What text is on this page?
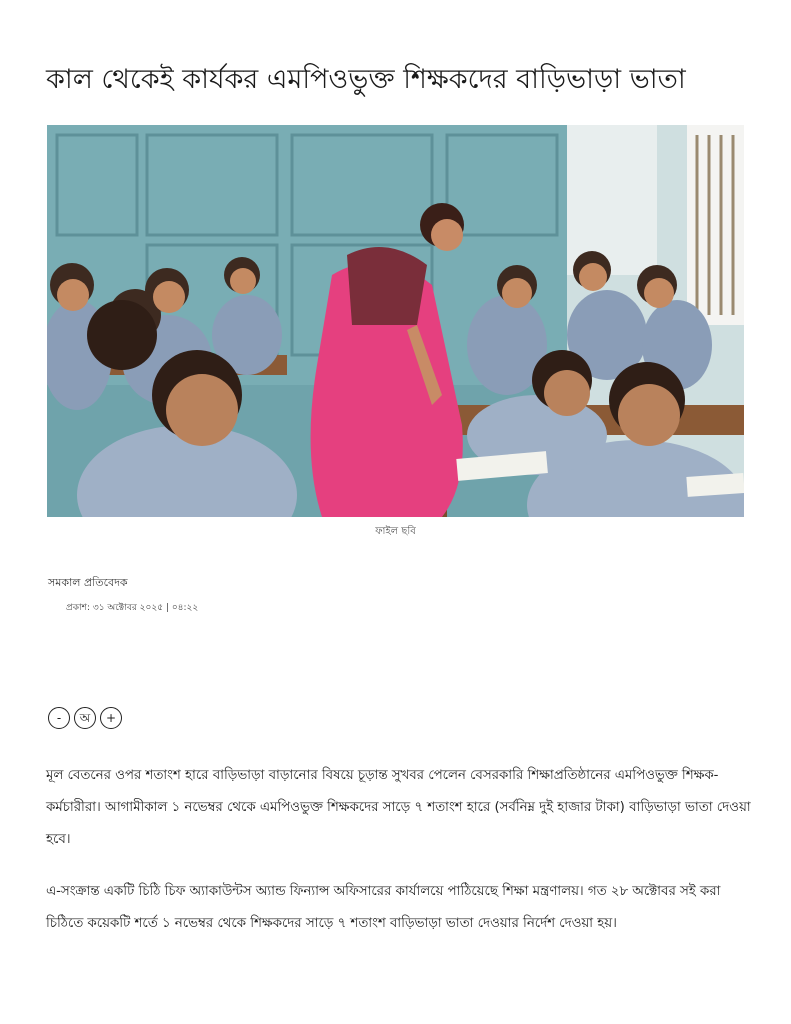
কাল থেকেই কার্যকর এমপিওভুক্ত শিক্ষকদের বাড়িভাড়া ভাতা
ফাইল ছবি
সমকাল প্রতিবেদক
প্রকাশ: ৩১ অক্টোবর ২০২৫ | ০৪:২২
-	অ	+

মূল বেতনের ওপর শতাংশ হারে বাড়িভাড়া বাড়ানোর বিষয়ে চূড়ান্ত সুখবর পেলেন বেসরকারি শিক্ষাপ্রতিষ্ঠানের এমপিওভুক্ত শিক্ষক-কর্মচারীরা। আগামীকাল ১ নভেম্বর থেকে এমপিওভুক্ত শিক্ষকদের সাড়ে ৭ শতাংশ হারে (সর্বনিম্ন দুই হাজার টাকা) বাড়িভাড়া ভাতা দেওয়া হবে।

এ-সংক্রান্ত একটি চিঠি চিফ অ্যাকাউন্টস অ্যান্ড ফিন্যান্স অফিসারের কার্যালয়ে পাঠিয়েছে শিক্ষা মন্ত্রণালয়। গত ২৮ অক্টোবর সই করা চিঠিতে কয়েকটি শর্তে ১ নভেম্বর থেকে শিক্ষকদের সাড়ে ৭ শতাংশ বাড়িভাড়া ভাতা দেওয়ার নির্দেশ দেওয়া হয়।
